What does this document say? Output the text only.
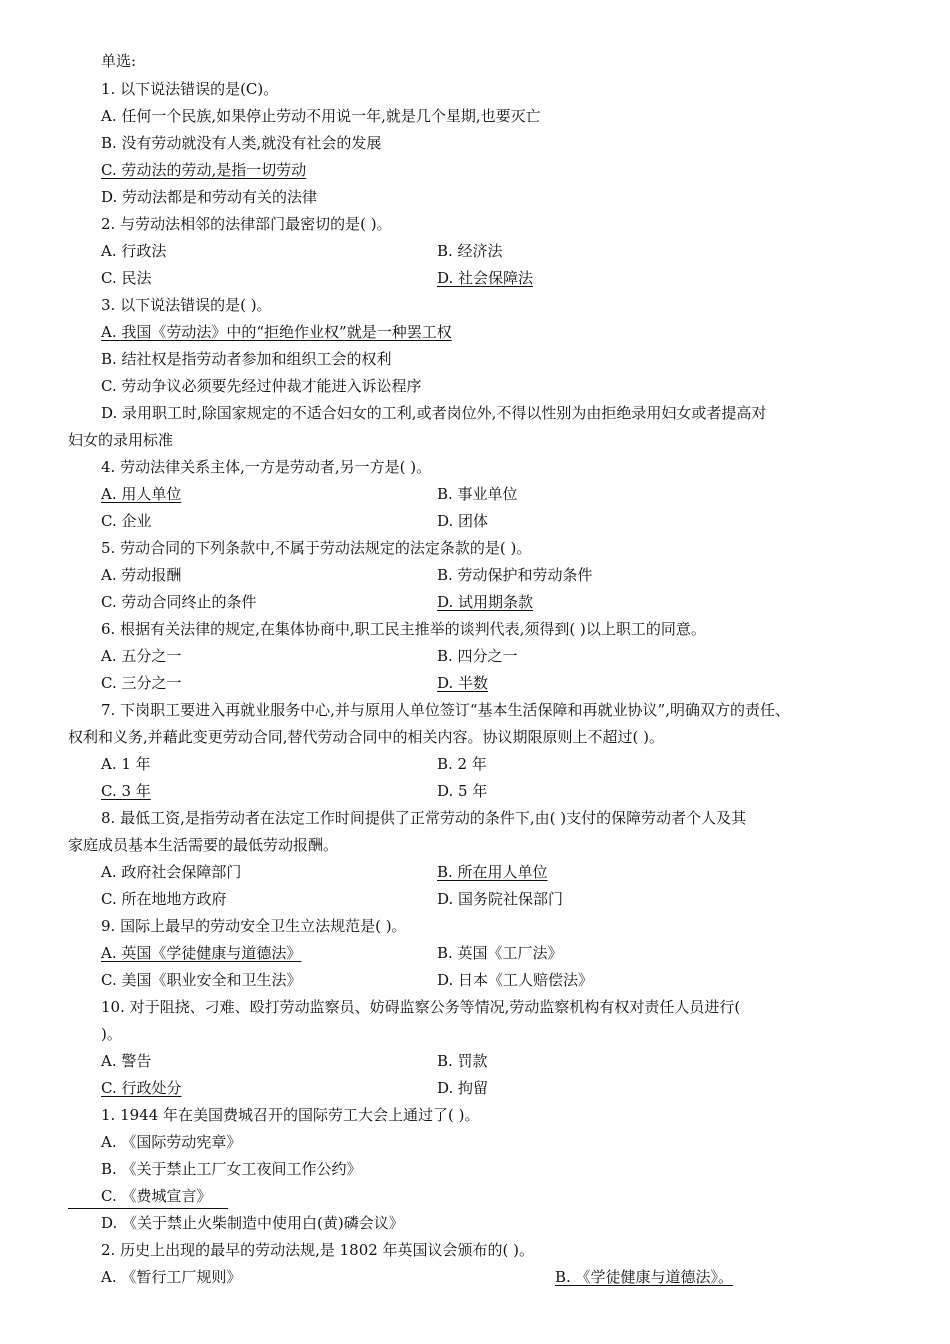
单选:
1. 以下说法错误的是(C)。
A. 任何一个民族,如果停止劳动不用说一年,就是几个星期,也要灭亡
B. 没有劳动就没有人类,就没有社会的发展
C. 劳动法的劳动,是指一切劳动
D. 劳动法都是和劳动有关的法律
2. 与劳动法相邻的法律部门最密切的是( )。
A. 行政法	B. 经济法
C. 民法	D. 社会保障法
3. 以下说法错误的是( )。
A. 我国《劳动法》中的“拒绝作业权”就是一种罢工权
B. 结社权是指劳动者参加和组织工会的权利
C. 劳动争议必须要先经过仲裁才能进入诉讼程序
D. 录用职工时,除国家规定的不适合妇女的工利,或者岗位外,不得以性别为由拒绝录用妇女或者提高对
妇女的录用标准
4. 劳动法律关系主体,一方是劳动者,另一方是( )。
A. 用人单位	B. 事业单位
C. 企业	D. 团体
5. 劳动合同的下列条款中,不属于劳动法规定的法定条款的是( )。
A. 劳动报酬	B. 劳动保护和劳动条件
C. 劳动合同终止的条件	D. 试用期条款
6. 根据有关法律的规定,在集体协商中,职工民主推举的谈判代表,须得到( )以上职工的同意。
A. 五分之一	B. 四分之一
C. 三分之一	D. 半数
7. 下岗职工要进入再就业服务中心,并与原用人单位签订“基本生活保障和再就业协议”,明确双方的责任、
权利和义务,并藉此变更劳动合同,替代劳动合同中的相关内容。协议期限原则上不超过( )。
A. 1 年	B. 2 年
C. 3 年	D. 5 年
8. 最低工资,是指劳动者在法定工作时间提供了正常劳动的条件下,由( )支付的保障劳动者个人及其
家庭成员基本生活需要的最低劳动报酬。
A. 政府社会保障部门	B. 所在用人单位
C. 所在地地方政府	D. 国务院社保部门
9. 国际上最早的劳动安全卫生立法规范是( )。
A. 英国《学徒健康与道德法》	B. 英国《工厂法》
C. 美国《职业安全和卫生法》	D. 日本《工人赔偿法》
10. 对于阻挠、刁难、殴打劳动监察员、妨碍监察公务等情况,劳动监察机构有权对责任人员进行(
)。
A. 警告	B. 罚款
C. 行政处分	D. 拘留
1. 1944 年在美国费城召开的国际劳工大会上通过了( )。
A. 《国际劳动宪章》
B. 《关于禁止工厂女工夜间工作公约》
C. 《费城宣言》
D. 《关于禁止火柴制造中使用白(黄)磷会议》
2. 历史上出现的最早的劳动法规,是 1802 年英国议会颁布的( )。
A. 《暂行工厂规则》	B. 《学徒健康与道德法》。
